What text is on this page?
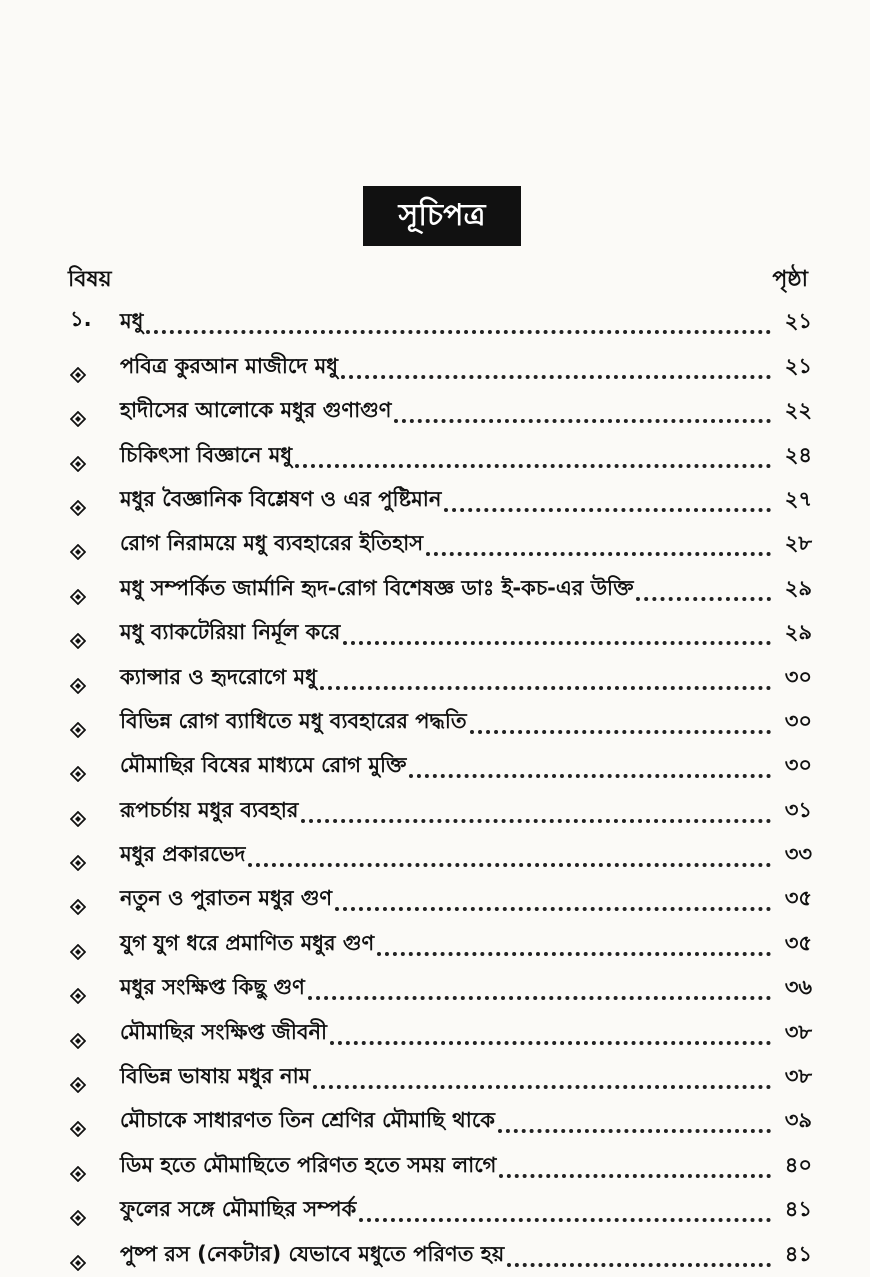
সূচিপত্র
বিষয়	পৃষ্ঠা
১. মধু	২১
পবিত্র কুরআন মাজীদে মধু	২১
হাদীসের আলোকে মধুর গুণাগুণ	২২
চিকিৎসা বিজ্ঞানে মধু	২৪
মধুর বৈজ্ঞানিক বিশ্লেষণ ও এর পুষ্টিমান	২৭
রোগ নিরাময়ে মধু ব্যবহারের ইতিহাস	২৮
মধু সম্পর্কিত জার্মানি হৃদ-রোগ বিশেষজ্ঞ ডাঃ ই-কচ-এর উক্তি	২৯
মধু ব্যাকটেরিয়া নির্মূল করে	২৯
ক্যান্সার ও হৃদরোগে মধু	৩০
বিভিন্ন রোগ ব্যাধিতে মধু ব্যবহারের পদ্ধতি	৩০
মৌমাছির বিষের মাধ্যমে রোগ মুক্তি	৩০
রূপচর্চায় মধুর ব্যবহার	৩১
মধুর প্রকারভেদ	৩৩
নতুন ও পুরাতন মধুর গুণ	৩৫
যুগ যুগ ধরে প্রমাণিত মধুর গুণ	৩৫
মধুর সংক্ষিপ্ত কিছু গুণ	৩৬
মৌমাছির সংক্ষিপ্ত জীবনী	৩৮
বিভিন্ন ভাষায় মধুর নাম	৩৮
মৌচাকে সাধারণত তিন শ্রেণির মৌমাছি থাকে	৩৯
ডিম হতে মৌমাছিতে পরিণত হতে সময় লাগে	৪০
ফুলের সঙ্গে মৌমাছির সম্পর্ক	৪১
পুষ্প রস (নেকটার) যেভাবে মধুতে পরিণত হয়	৪১
